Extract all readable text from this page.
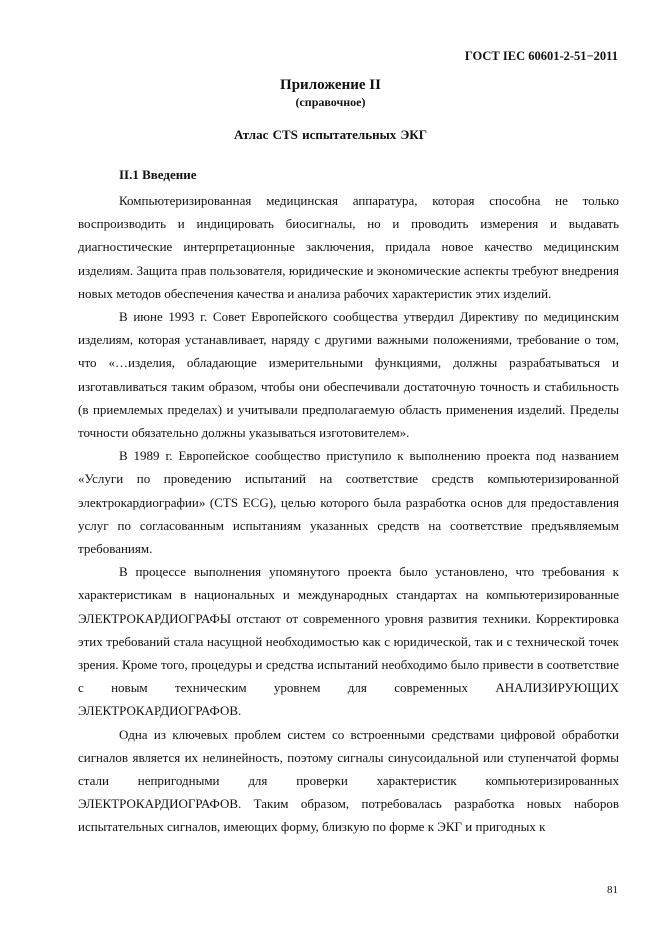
ГОСТ IEC 60601-2-51−2011
Приложение II
(справочное)
Атлас CTS испытательных ЭКГ
II.1 Введение

Компьютеризированная медицинская аппаратура, которая способна не только воспроизводить и индицировать биосигналы, но и проводить измерения и выдавать диагностические интерпретационные заключения, придала новое качество медицинским изделиям. Защита прав пользователя, юридические и экономические аспекты требуют внедрения новых методов обеспечения качества и анализа рабочих характеристик этих изделий.

В июне 1993 г. Совет Европейского сообщества утвердил Директиву по медицинским изделиям, которая устанавливает, наряду с другими важными положениями, требование о том, что «…изделия, обладающие измерительными функциями, должны разрабатываться и изготавливаться таким образом, чтобы они обеспечивали достаточную точность и стабильность (в приемлемых пределах) и учитывали предполагаемую область применения изделий. Пределы точности обязательно должны указываться изготовителем».

В 1989 г. Европейское сообщество приступило к выполнению проекта под названием «Услуги по проведению испытаний на соответствие средств компьютеризированной электрокардиографии» (CTS ECG), целью которого была разработка основ для предоставления услуг по согласованным испытаниям указанных средств на соответствие предъявляемым требованиям.

В процессе выполнения упомянутого проекта было установлено, что требования к характеристикам в национальных и международных стандартах на компьютеризированные ЭЛЕКТРОКАРДИОГРАФЫ отстают от современного уровня развития техники. Корректировка этих требований стала насущной необходимостью как с юридической, так и с технической точек зрения. Кроме того, процедуры и средства испытаний необходимо было привести в соответствие с новым техническим уровнем для современных АНАЛИЗИРУЮЩИХ ЭЛЕКТРОКАРДИОГРАФОВ.

Одна из ключевых проблем систем со встроенными средствами цифровой обработки сигналов является их нелинейность, поэтому сигналы синусоидальной или ступенчатой формы стали непригодными для проверки характеристик компьютеризированных ЭЛЕКТРОКАРДИОГРАФОВ. Таким образом, потребовалась разработка новых наборов испытательных сигналов, имеющих форму, близкую по форме к ЭКГ и пригодных к

81
